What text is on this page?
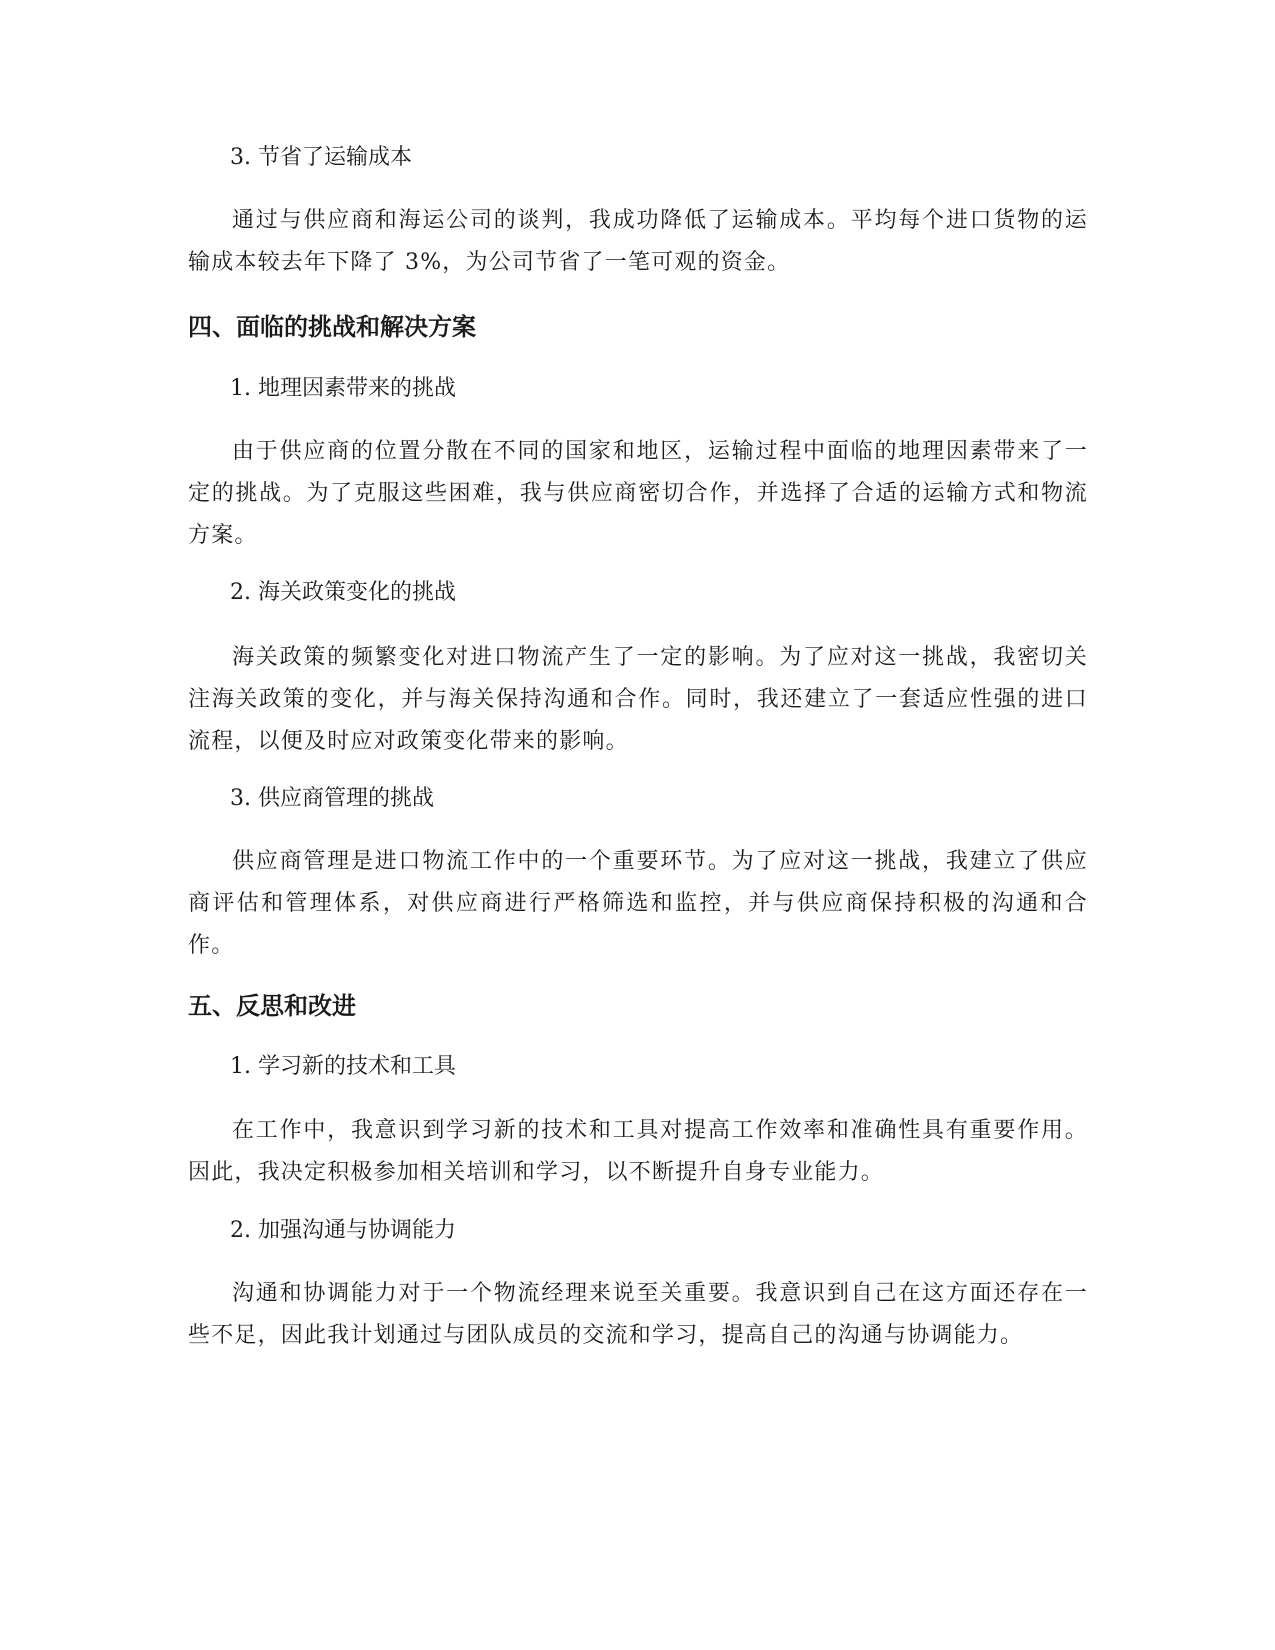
3. 节省了运输成本
通过与供应商和海运公司的谈判，我成功降低了运输成本。平均每个进口货物的运输成本较去年下降了 3%，为公司节省了一笔可观的资金。
四、面临的挑战和解决方案
1. 地理因素带来的挑战
由于供应商的位置分散在不同的国家和地区，运输过程中面临的地理因素带来了一定的挑战。为了克服这些困难，我与供应商密切合作，并选择了合适的运输方式和物流方案。
2. 海关政策变化的挑战
海关政策的频繁变化对进口物流产生了一定的影响。为了应对这一挑战，我密切关注海关政策的变化，并与海关保持沟通和合作。同时，我还建立了一套适应性强的进口流程，以便及时应对政策变化带来的影响。
3. 供应商管理的挑战
供应商管理是进口物流工作中的一个重要环节。为了应对这一挑战，我建立了供应商评估和管理体系，对供应商进行严格筛选和监控，并与供应商保持积极的沟通和合作。
五、反思和改进
1. 学习新的技术和工具
在工作中，我意识到学习新的技术和工具对提高工作效率和准确性具有重要作用。因此，我决定积极参加相关培训和学习，以不断提升自身专业能力。
2. 加强沟通与协调能力
沟通和协调能力对于一个物流经理来说至关重要。我意识到自己在这方面还存在一些不足，因此我计划通过与团队成员的交流和学习，提高自己的沟通与协调能力。
